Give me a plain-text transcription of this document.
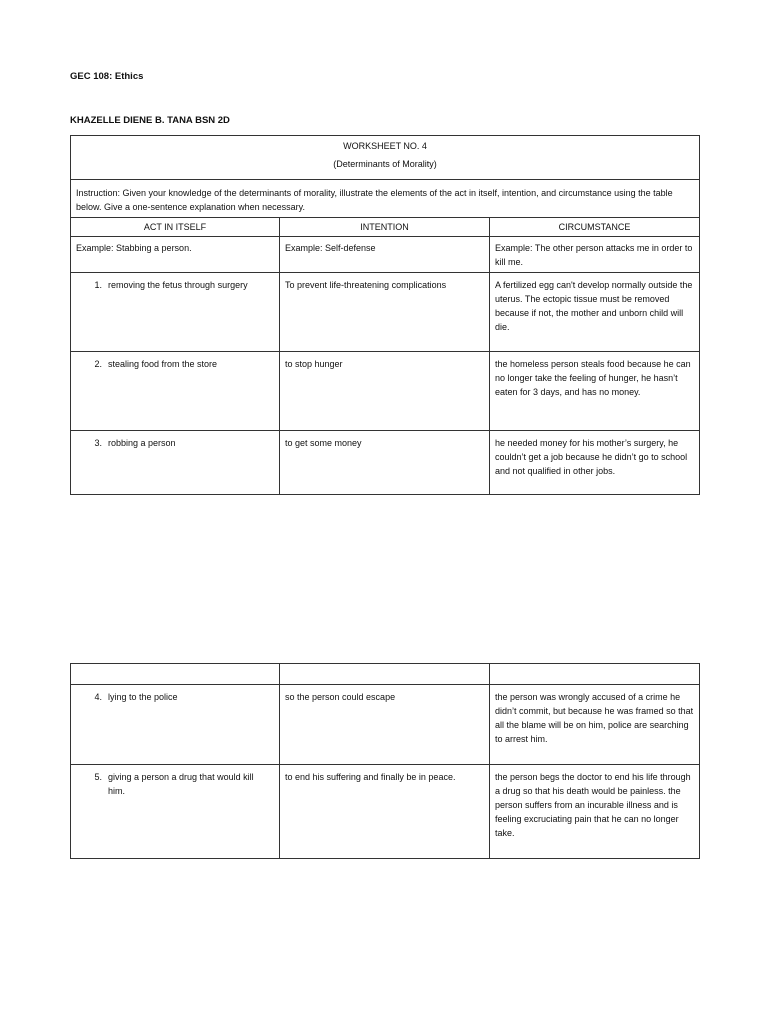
GEC 108: Ethics
KHAZELLE DIENE B. TANA BSN 2D
WORKSHEET NO. 4
(Determinants of Morality)		

Instruction: Given your knowledge of the determinants of morality, illustrate the elements of the act in itself, intention, and circumstance using the table below. Give a one-sentence explanation when necessary.		
ACT IN ITSELF	INTENTION	CIRCUMSTANCE
Example: Stabbing a person.	Example: Self-defense	Example: The other person attacks me in order to kill me.
1. removing the fetus through surgery	To prevent life-threatening complications	A fertilized egg can't develop normally outside the uterus. The ectopic tissue must be removed because if not, the mother and unborn child will die.
2. stealing food from the store	to stop hunger	the homeless person steals food because he can no longer take the feeling of hunger, he hasn’t eaten for 3 days, and has no money.
3. robbing a person	to get some money	he needed money for his mother’s surgery, he couldn’t get a job because he didn’t go to school and not qualified in other jobs.

4. lying to the police	so the person could escape	the person was wrongly accused of a crime he didn’t commit, but because he was framed so that all the blame will be on him, police are searching to arrest him.
5. giving a person a drug that would kill him.	to end his suffering and finally be in peace.	the person begs the doctor to end his life through a drug so that his death would be painless. the person suffers from an incurable illness and is feeling excruciating pain that he can no longer take.
